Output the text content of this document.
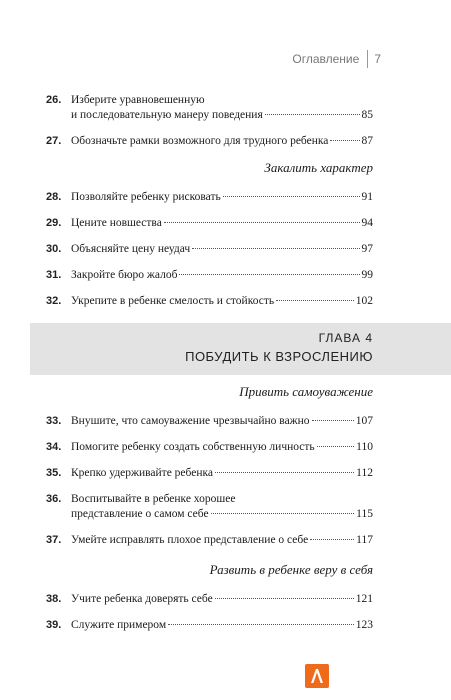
Оглавление 7
26. Изберите уравновешенную
и последовательную манеру поведения	85
27. Обозначьте рамки возможного для трудного ребенка	87
Закалить характер
28. Позволяйте ребенку рисковать	91
29. Цените новшества	94
30. Объясняйте цену неудач	97
31. Закройте бюро жалоб	99
32. Укрепите в ребенке смелость и стойкость	102
ГЛАВА 4
ПОБУДИТЬ К ВЗРОСЛЕНИЮ
Привить самоуважение
33. Внушите, что самоуважение чрезвычайно важно	107
34. Помогите ребенку создать собственную личность	110
35. Крепко удерживайте ребенка	112
36. Воспитывайте в ребенке хорошее
представление о самом себе	115
37. Умейте исправлять плохое представление о себе	117
Развить в ребенке веру в себя
38. Учите ребенка доверять себе	121
39. Служите примером	123
